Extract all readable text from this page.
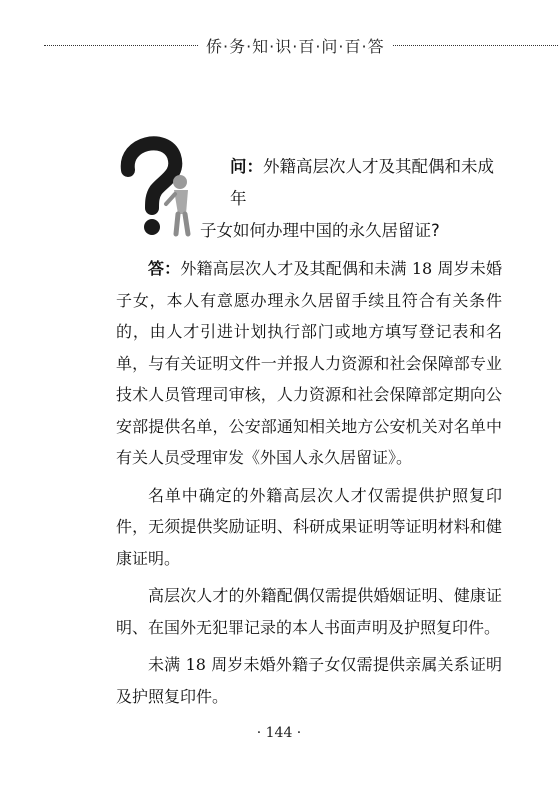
侨·务·知·识·百·问·百·答
问：外籍高层次人才及其配偶和未成年
子女如何办理中国的永久居留证?

答：外籍高层次人才及其配偶和未满 18 周岁未婚子女，本人有意愿办理永久居留手续且符合有关条件的，由人才引进计划执行部门或地方填写登记表和名单，与有关证明文件一并报人力资源和社会保障部专业技术人员管理司审核，人力资源和社会保障部定期向公安部提供名单，公安部通知相关地方公安机关对名单中有关人员受理审发《外国人永久居留证》。

名单中确定的外籍高层次人才仅需提供护照复印件，无须提供奖励证明、科研成果证明等证明材料和健康证明。

高层次人才的外籍配偶仅需提供婚姻证明、健康证明、在国外无犯罪记录的本人书面声明及护照复印件。

未满 18 周岁未婚外籍子女仅需提供亲属关系证明及护照复印件。

· 144 ·
